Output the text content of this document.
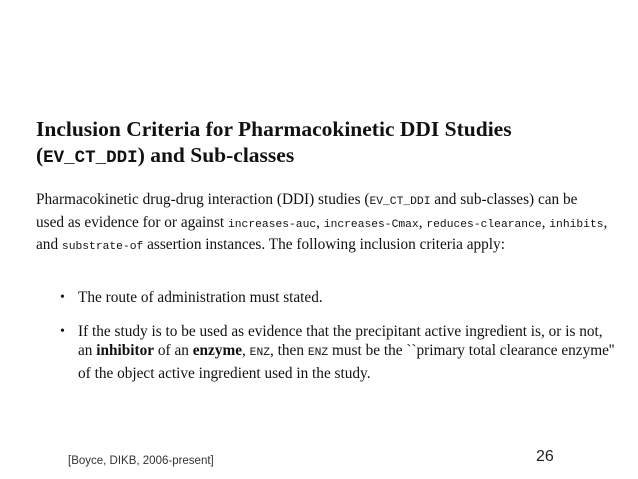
Inclusion Criteria for Pharmacokinetic DDI Studies
(EV_CT_DDI) and Sub-classes
Pharmacokinetic drug-drug interaction (DDI) studies (EV_CT_DDI and sub-classes) can be used as evidence for or against increases-auc, increases-Cmax, reduces-clearance, inhibits, and substrate-of assertion instances. The following inclusion criteria apply:
• The route of administration must stated.
• If the study is to be used as evidence that the precipitant active ingredient is, or is not, an inhibitor of an enzyme, ENZ, then ENZ must be the ``primary total clearance enzyme'' of the object active ingredient used in the study.
[Boyce, DIKB, 2006-present]	26
